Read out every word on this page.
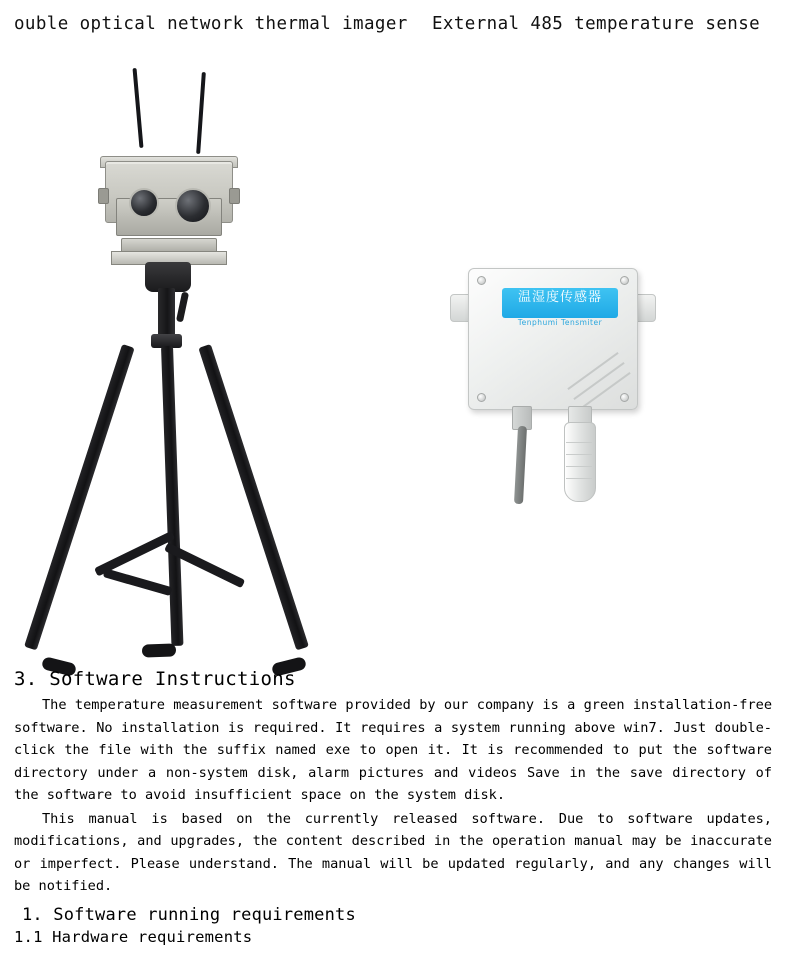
ouble optical network thermal imager External 485 temperature sense
温湿度传感器
Tenphumi Tensmiter
3. Software Instructions

The temperature measurement software provided by our company is a green installation-free software. No installation is required. It requires a system running above win7. Just double-click the file with the suffix named exe to open it. It is recommended to put the software directory under a non-system disk, alarm pictures and videos Save in the save directory of the software to avoid insufficient space on the system disk.

This manual is based on the currently released software. Due to software updates, modifications, and upgrades, the content described in the operation manual may be inaccurate or imperfect. Please understand. The manual will be updated regularly, and any changes will be notified.

1. Software running requirements
1.1 Hardware requirements
